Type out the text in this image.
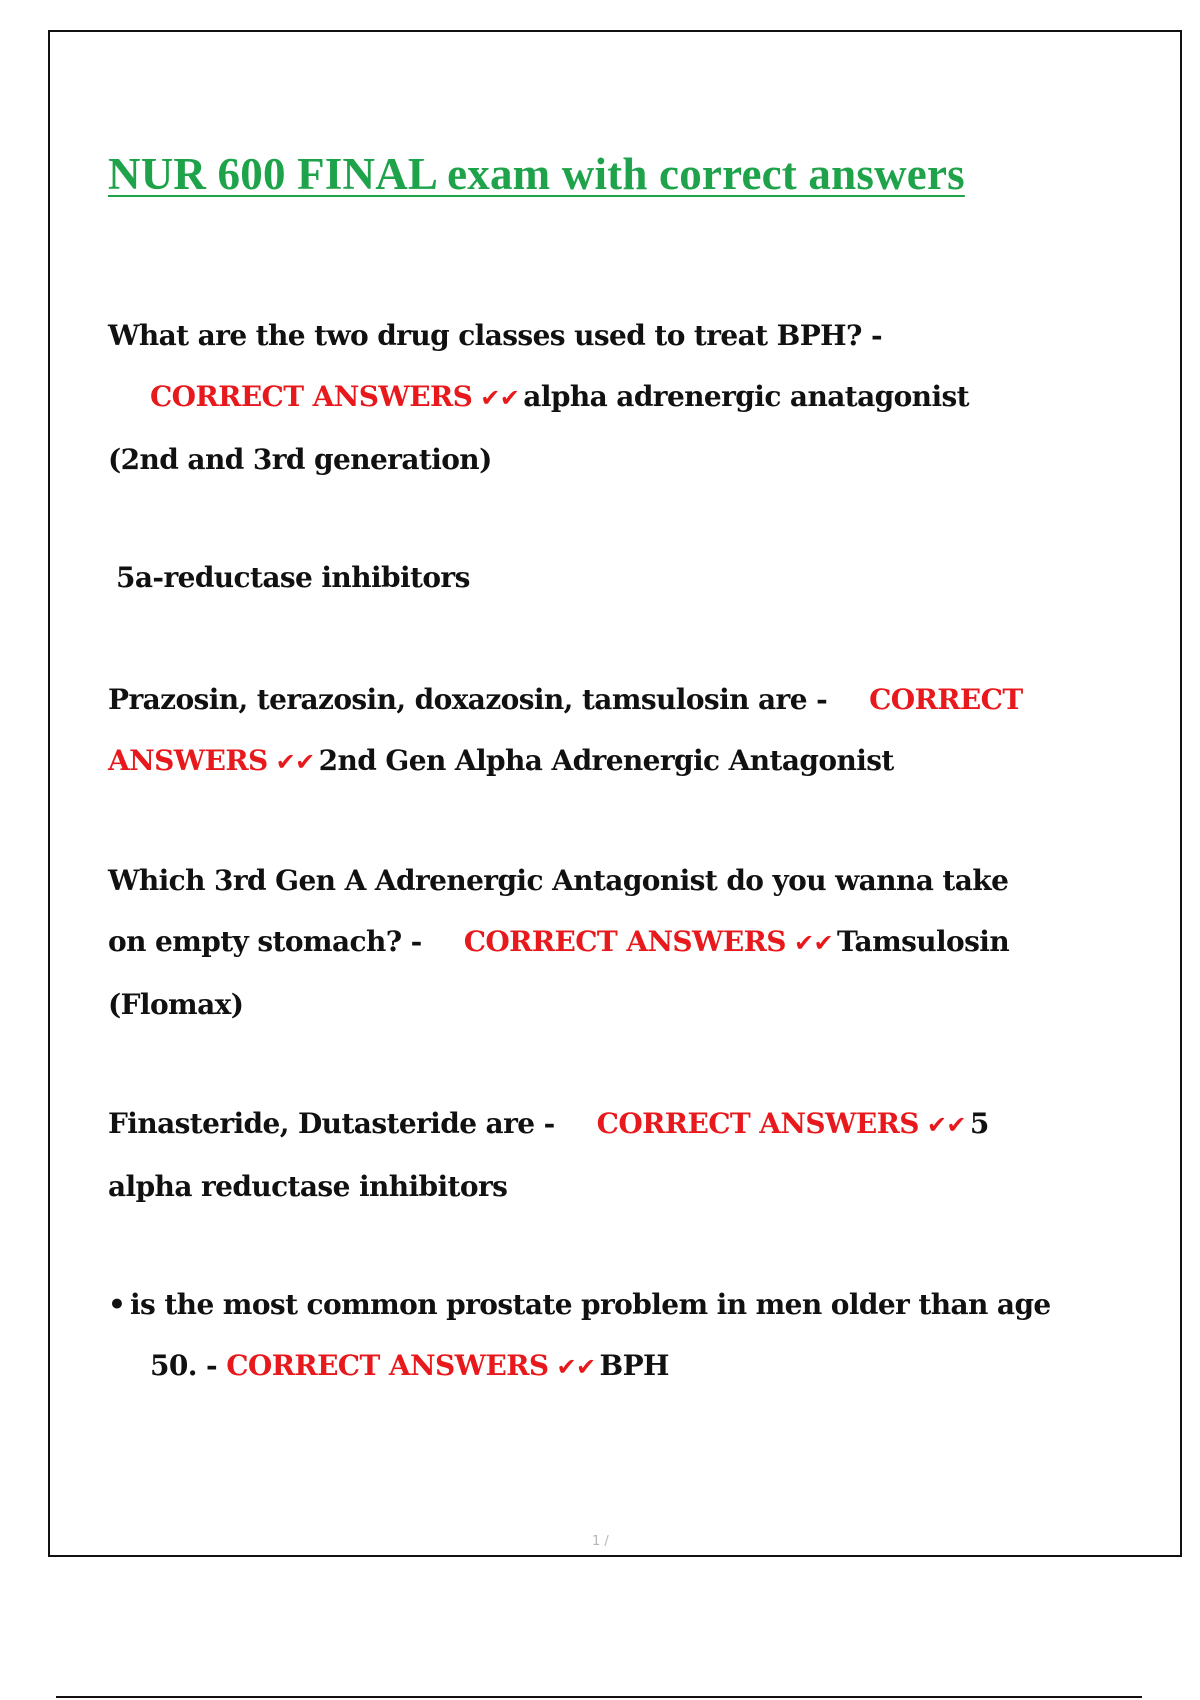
NUR 600 FINAL exam with correct answers
What are the two drug classes used to treat BPH? -CORRECT ANSWERS ✔✔ alpha adrenergic anatagonist (2nd and 3rd generation)
5a-reductase inhibitors
Prazosin, terazosin, doxazosin, tamsulosin are - CORRECT ANSWERS ✔✔ 2nd Gen Alpha Adrenergic Antagonist
Which 3rd Gen A Adrenergic Antagonist do you wanna take on empty stomach? - CORRECT ANSWERS ✔✔ Tamsulosin (Flomax)
Finasteride, Dutasteride are - CORRECT ANSWERS ✔✔ 5 alpha reductase inhibitors
• is the most common prostate problem in men older than age 50. - CORRECT ANSWERS ✔✔ BPH
1 /
